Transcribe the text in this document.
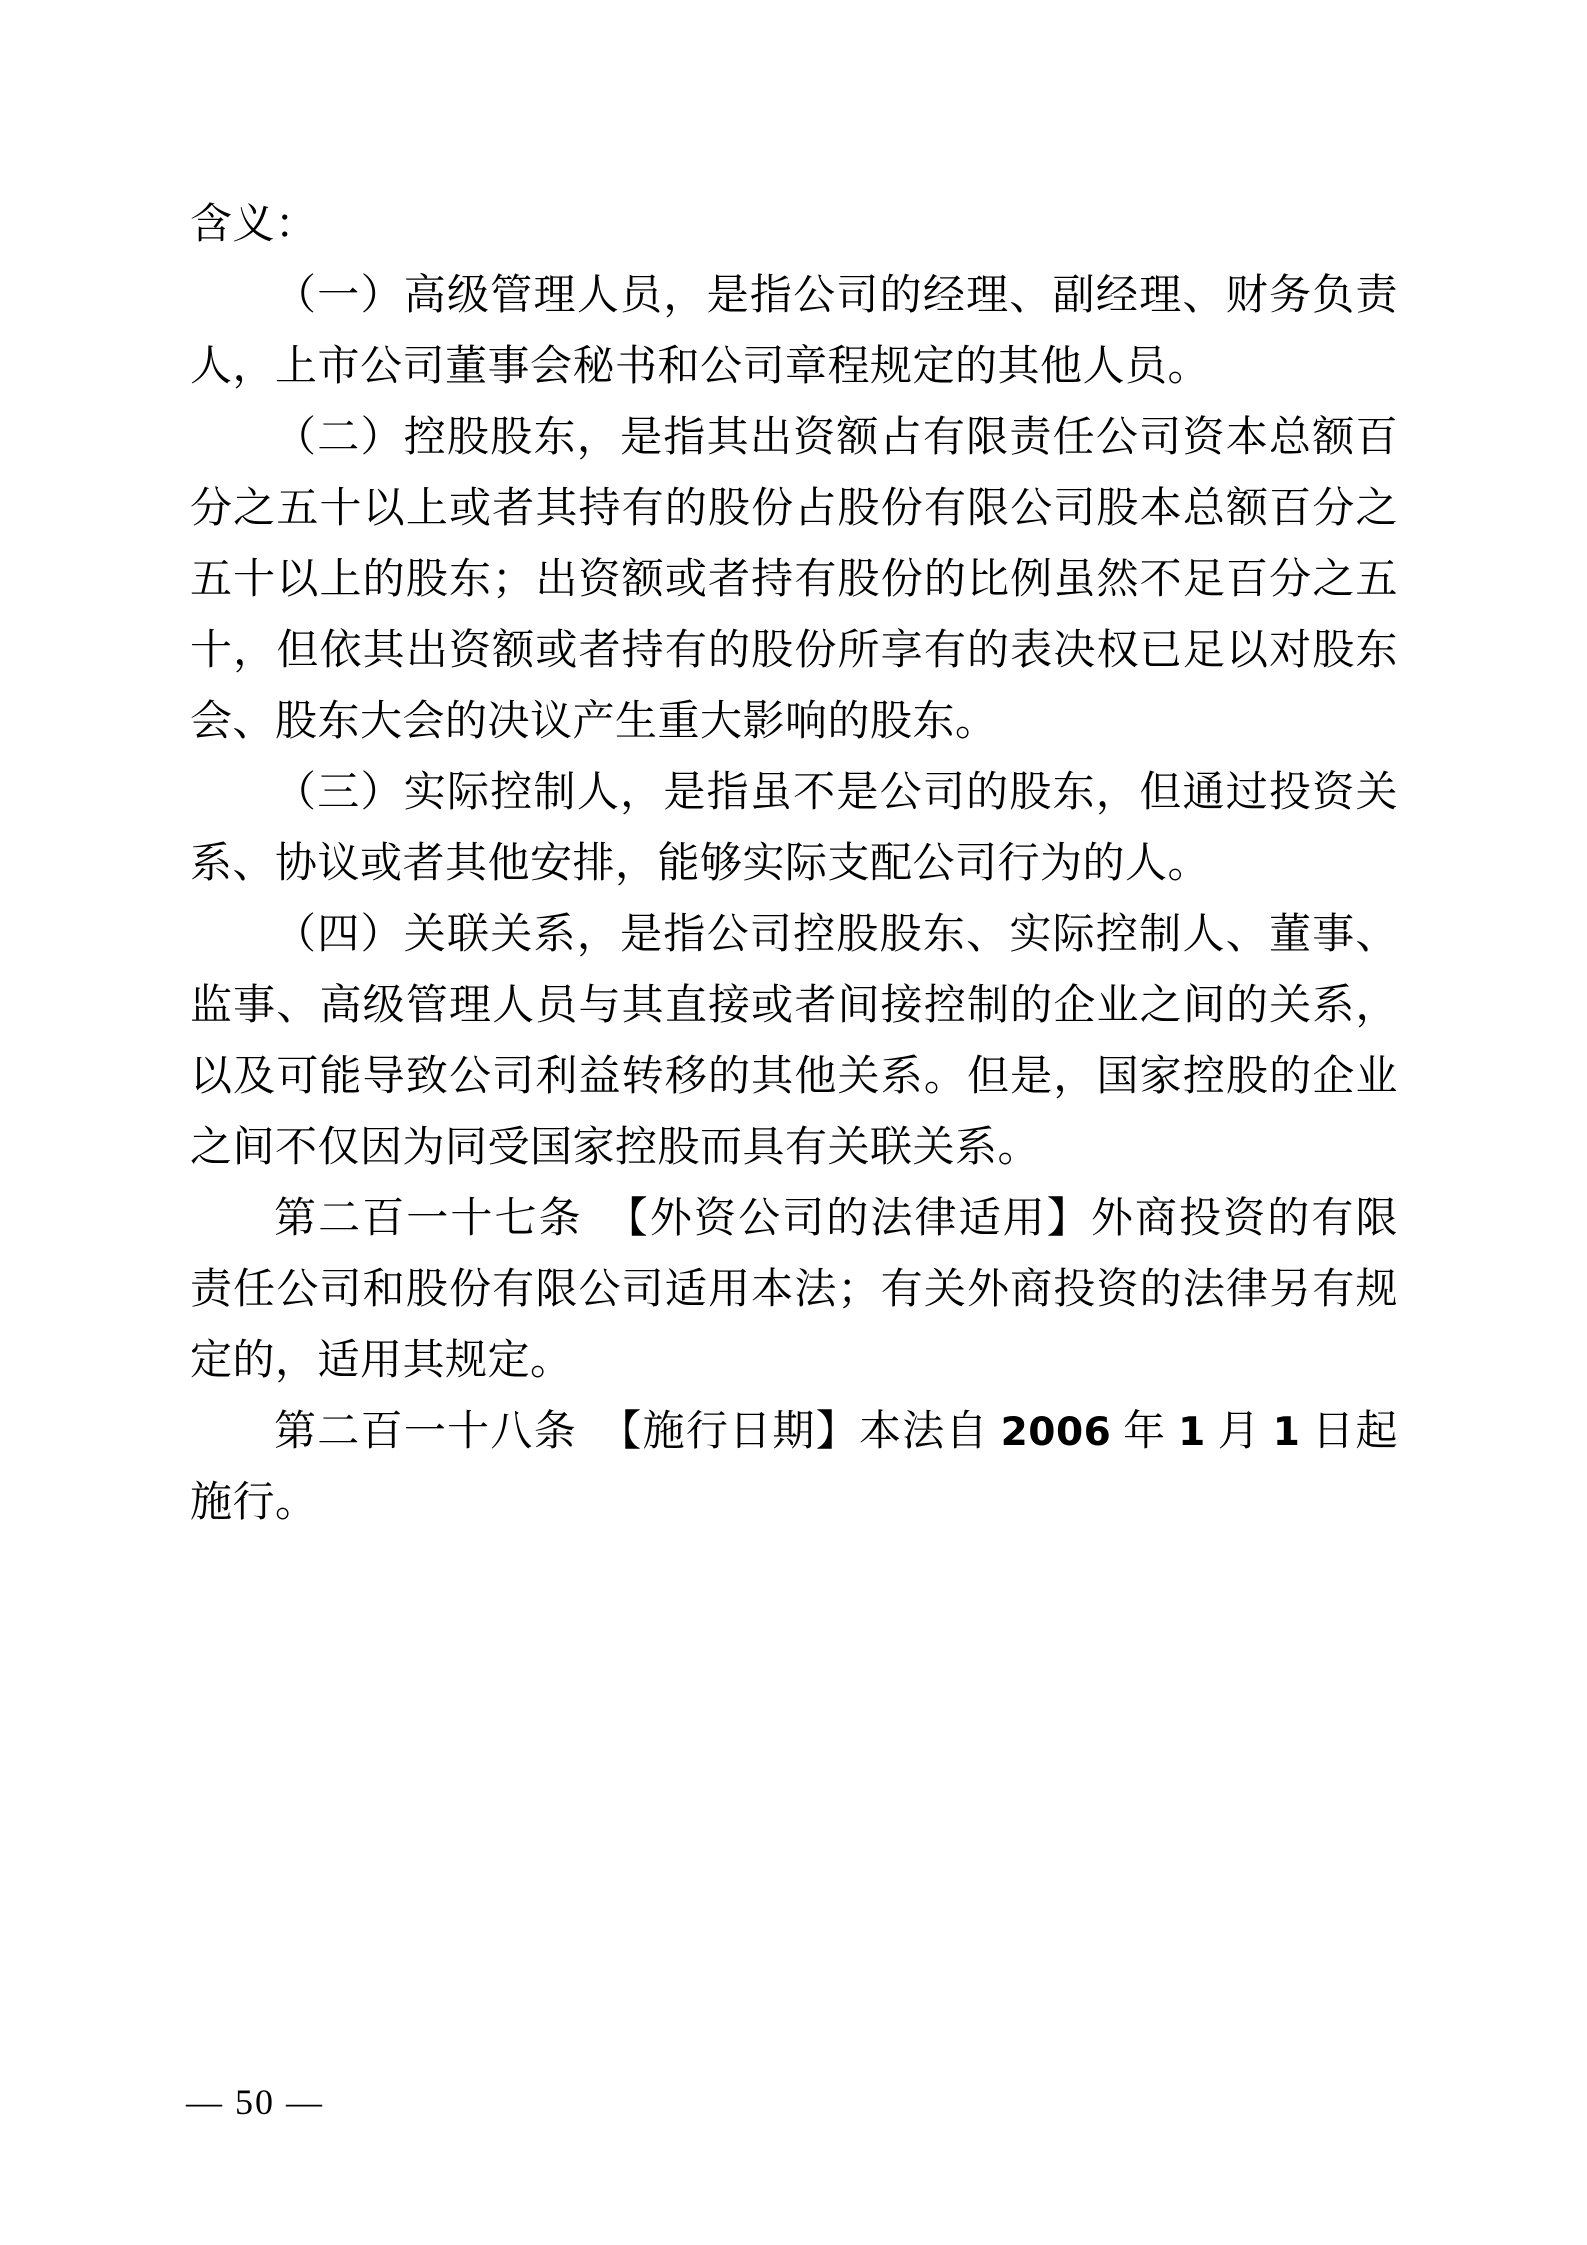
含义：

（一）高级管理人员，是指公司的经理、副经理、财务负责人，上市公司董事会秘书和公司章程规定的其他人员。

（二）控股股东，是指其出资额占有限责任公司资本总额百分之五十以上或者其持有的股份占股份有限公司股本总额百分之五十以上的股东；出资额或者持有股份的比例虽然不足百分之五十，但依其出资额或者持有的股份所享有的表决权已足以对股东会、股东大会的决议产生重大影响的股东。

（三）实际控制人，是指虽不是公司的股东，但通过投资关系、协议或者其他安排，能够实际支配公司行为的人。

（四）关联关系，是指公司控股股东、实际控制人、董事、监事、高级管理人员与其直接或者间接控制的企业之间的关系，以及可能导致公司利益转移的其他关系。但是，国家控股的企业之间不仅因为同受国家控股而具有关联关系。

第二百一十七条　【外资公司的法律适用】外商投资的有限责任公司和股份有限公司适用本法；有关外商投资的法律另有规定的，适用其规定。

第二百一十八条　【施行日期】本法自 2006 年 1 月 1 日起施行。

— 50 —
